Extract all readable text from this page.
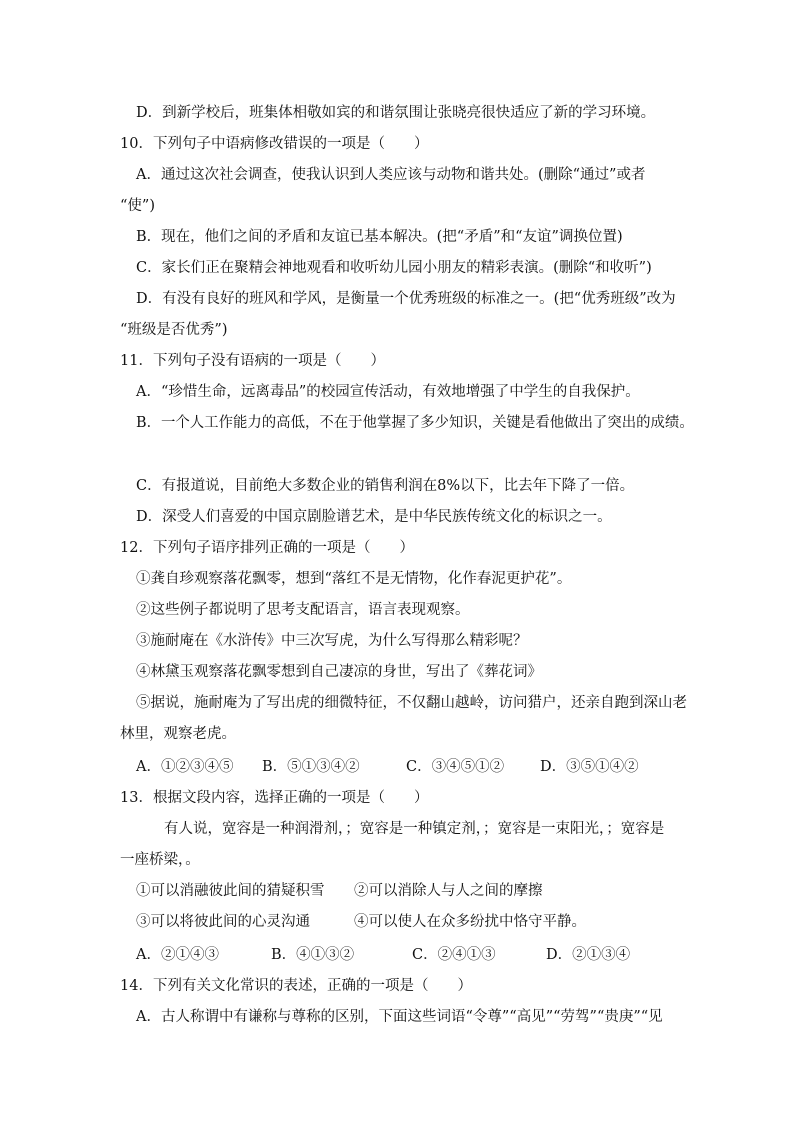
D．到新学校后，班集体相敬如宾的和谐氛围让张晓亮很快适应了新的学习环境。
10．下列句子中语病修改错误的一项是（　　）
A．通过这次社会调查，使我认识到人类应该与动物和谐共处。(删除“通过”或者
“使”)
B．现在，他们之间的矛盾和友谊已基本解决。(把“矛盾”和“友谊”调换位置)
C．家长们正在聚精会神地观看和收听幼儿园小朋友的精彩表演。(删除“和收听”)
D．有没有良好的班风和学风，是衡量一个优秀班级的标准之一。(把“优秀班级”改为
“班级是否优秀”)
11．下列句子没有语病的一项是（　　）
A．“珍惜生命，远离毒品”的校园宣传活动，有效地增强了中学生的自我保护。
B．一个人工作能力的高低，不在于他掌握了多少知识，关键是看他做出了突出的成绩。
C．有报道说，目前绝大多数企业的销售利润在8%以下，比去年下降了一倍。
D．深受人们喜爱的中国京剧脸谱艺术，是中华民族传统文化的标识之一。
12．下列句子语序排列正确的一项是（　　）
①龚自珍观察落花飘零，想到“落红不是无情物，化作春泥更护花”。
②这些例子都说明了思考支配语言，语言表现观察。
③施耐庵在《水浒传》中三次写虎，为什么写得那么精彩呢？
④林黛玉观察落花飘零想到自己凄凉的身世，写出了《葬花词》
⑤据说，施耐庵为了写出虎的细微特征，不仅翻山越岭，访问猎户，还亲自跑到深山老
林里，观察老虎。
A．①②③④⑤ B．⑤①③④②	C．③④⑤①② D．③⑤①④②
13．根据文段内容，选择正确的一项是（　　）
有人说，宽容是一种润滑剂，；宽容是一种镇定剂，；宽容是一束阳光，；宽容是
一座桥梁，。
①可以消融彼此间的猜疑积雪 ②可以消除人与人之间的摩擦
③可以将彼此间的心灵沟通	④可以使人在众多纷扰中恪守平静。
A．②①④③	B．④①③②	C．②④①③	D．②①③④
14．下列有关文化常识的表述，正确的一项是（　　）
A．古人称谓中有谦称与尊称的区别，下面这些词语“令尊”“高见”“劳驾”“贵庚”“见
